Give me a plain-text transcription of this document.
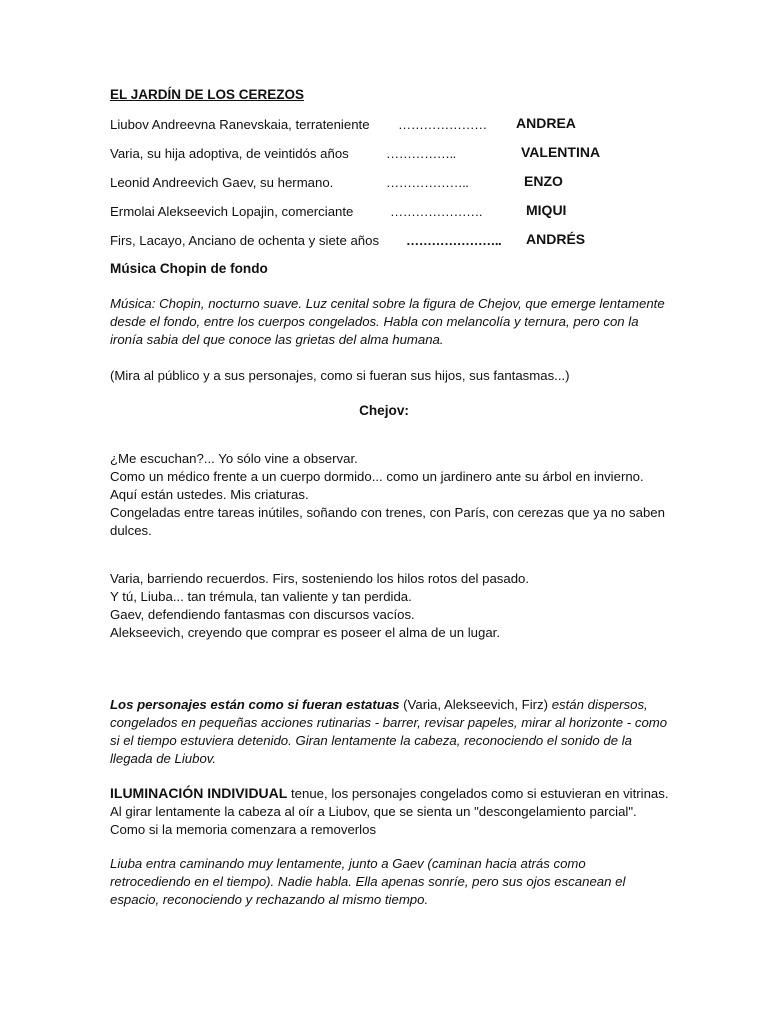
EL JARDÍN DE LOS CEREZOS
Liubov Andreevna Ranevskaia, terrateniente ………………… ANDREA
Varia, su hija adoptiva, de veintidós años	……………..	VALENTINA
Leonid Andreevich Gaev, su hermano.	………………..	ENZO
Ermolai Alekseevich Lopajin, comerciante	………………….	MIQUI
Firs, Lacayo, Anciano de ochenta y siete años ………………….. ANDRÉS
Música Chopin de fondo

Música: Chopin, nocturno suave. Luz cenital sobre la figura de Chejov, que emerge lentamente desde el fondo, entre los cuerpos congelados. Habla con melancolía y ternura, pero con la ironía sabia del que conoce las grietas del alma humana.

(Mira al público y a sus personajes, como si fueran sus hijos, sus fantasmas...)

Chejov:

¿Me escuchan?... Yo sólo vine a observar.

Como un médico frente a un cuerpo dormido... como un jardinero ante su árbol en invierno.

Aquí están ustedes. Mis criaturas.

Congeladas entre tareas inútiles, soñando con trenes, con París, con cerezas que ya no saben dulces.

Varia, barriendo recuerdos. Firs, sosteniendo los hilos rotos del pasado.

Y tú, Liuba... tan trémula, tan valiente y tan perdida.

Gaev, defendiendo fantasmas con discursos vacíos.

Alekseevich, creyendo que comprar es poseer el alma de un lugar.

Los personajes están como si fueran estatuas (Varia, Alekseevich, Firz) están dispersos, congelados en pequeñas acciones rutinarias - barrer, revisar papeles, mirar al horizonte - como si el tiempo estuviera detenido. Giran lentamente la cabeza, reconociendo el sonido de la llegada de Liubov.

ILUMINACIÓN INDIVIDUAL tenue, los personajes congelados como si estuvieran en vitrinas. Al girar lentamente la cabeza al oír a Liubov, que se sienta un "descongelamiento parcial". Como si la memoria comenzara a removerlos

Liuba entra caminando muy lentamente, junto a Gaev (caminan hacia atrás como retrocediendo en el tiempo). Nadie habla. Ella apenas sonríe, pero sus ojos escanean el espacio, reconociendo y rechazando al mismo tiempo.
